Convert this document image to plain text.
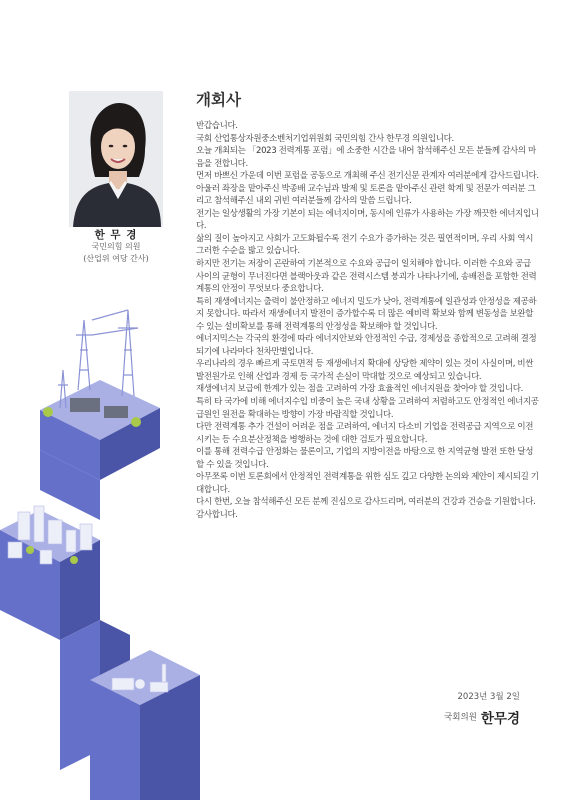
한 무 경
국민의힘 의원
(산업위 여당 간사)
개회사

반갑습니다.

국회 산업통상자원중소벤처기업위원회 국민의힘 간사 한무경 의원입니다.

오늘 개최되는 「2023 전력계통 포럼」에 소중한 시간을 내어 참석해주신 모든 분들께 감사의 마음을 전합니다.

먼저 바쁘신 가운데 이번 포럼을 공동으로 개최해 주신 전기신문 관계자 여러분에게 감사드립니다. 아울러 좌장을 맡아주신 박종배 교수님과 발제 및 토론을 맡아주신 관련 학계 및 전문가 여러분 그리고 참석해주신 내외 귀빈 여러분들께 감사의 말씀 드립니다.

전기는 일상생활의 가장 기본이 되는 에너지이며, 동시에 인류가 사용하는 가장 깨끗한 에너지입니다.

삶의 질이 높아지고 사회가 고도화될수록 전기 수요가 증가하는 것은 필연적이며, 우리 사회 역시 그러한 수순을 밟고 있습니다.

하지만 전기는 저장이 곤란하여 기본적으로 수요와 공급이 일치해야 합니다. 이러한 수요와 공급 사이의 균형이 무너진다면 블랙아웃과 같은 전력시스템 붕괴가 나타나기에, 송배전을 포함한 전력계통의 안정이 무엇보다 중요합니다.

특히 재생에너지는 출력이 불안정하고 에너지 밀도가 낮아, 전력계통에 일관성과 안정성을 제공하지 못합니다. 따라서 재생에너지 발전이 증가할수록 더 많은 예비력 확보와 함께 변동성을 보완할 수 있는 설비확보를 통해 전력계통의 안정성을 확보해야 할 것입니다.

에너지믹스는 각국의 환경에 따라 에너지안보와 안정적인 수급, 경제성을 종합적으로 고려해 결정되기에 나라마다 천차만별입니다.

우리나라의 경우 빠르게 국토면적 등 재생에너지 확대에 상당한 제약이 있는 것이 사실이며, 비싼 발전원가로 인해 산업과 경제 등 국가적 손실이 막대할 것으로 예상되고 있습니다.

재생에너지 보급에 한계가 있는 점을 고려하여 가장 효율적인 에너지원을 찾아야 할 것입니다.

특히 타 국가에 비해 에너지수입 비중이 높은 국내 상황을 고려하여 저렴하고도 안정적인 에너지공급원인 원전을 확대하는 방향이 가장 바람직할 것입니다.

다만 전력계통 추가 건설이 어려운 점을 고려하여, 에너지 다소비 기업을 전력공급 지역으로 이전시키는 등 수요분산정책을 병행하는 것에 대한 검토가 필요합니다.

이를 통해 전력수급 안정화는 물론이고, 기업의 지방이전을 바탕으로 한 지역균형 발전 또한 달성할 수 있을 것입니다.

아무쪼록 이번 토론회에서 안정적인 전력계통을 위한 심도 깊고 다양한 논의와 제안이 제시되길 기대합니다.

다시 한번, 오늘 참석해주신 모든 분께 진심으로 감사드리며, 여러분의 건강과 건승을 기원합니다. 감사합니다.

2023년 3월 2일
국회의원 한무경
